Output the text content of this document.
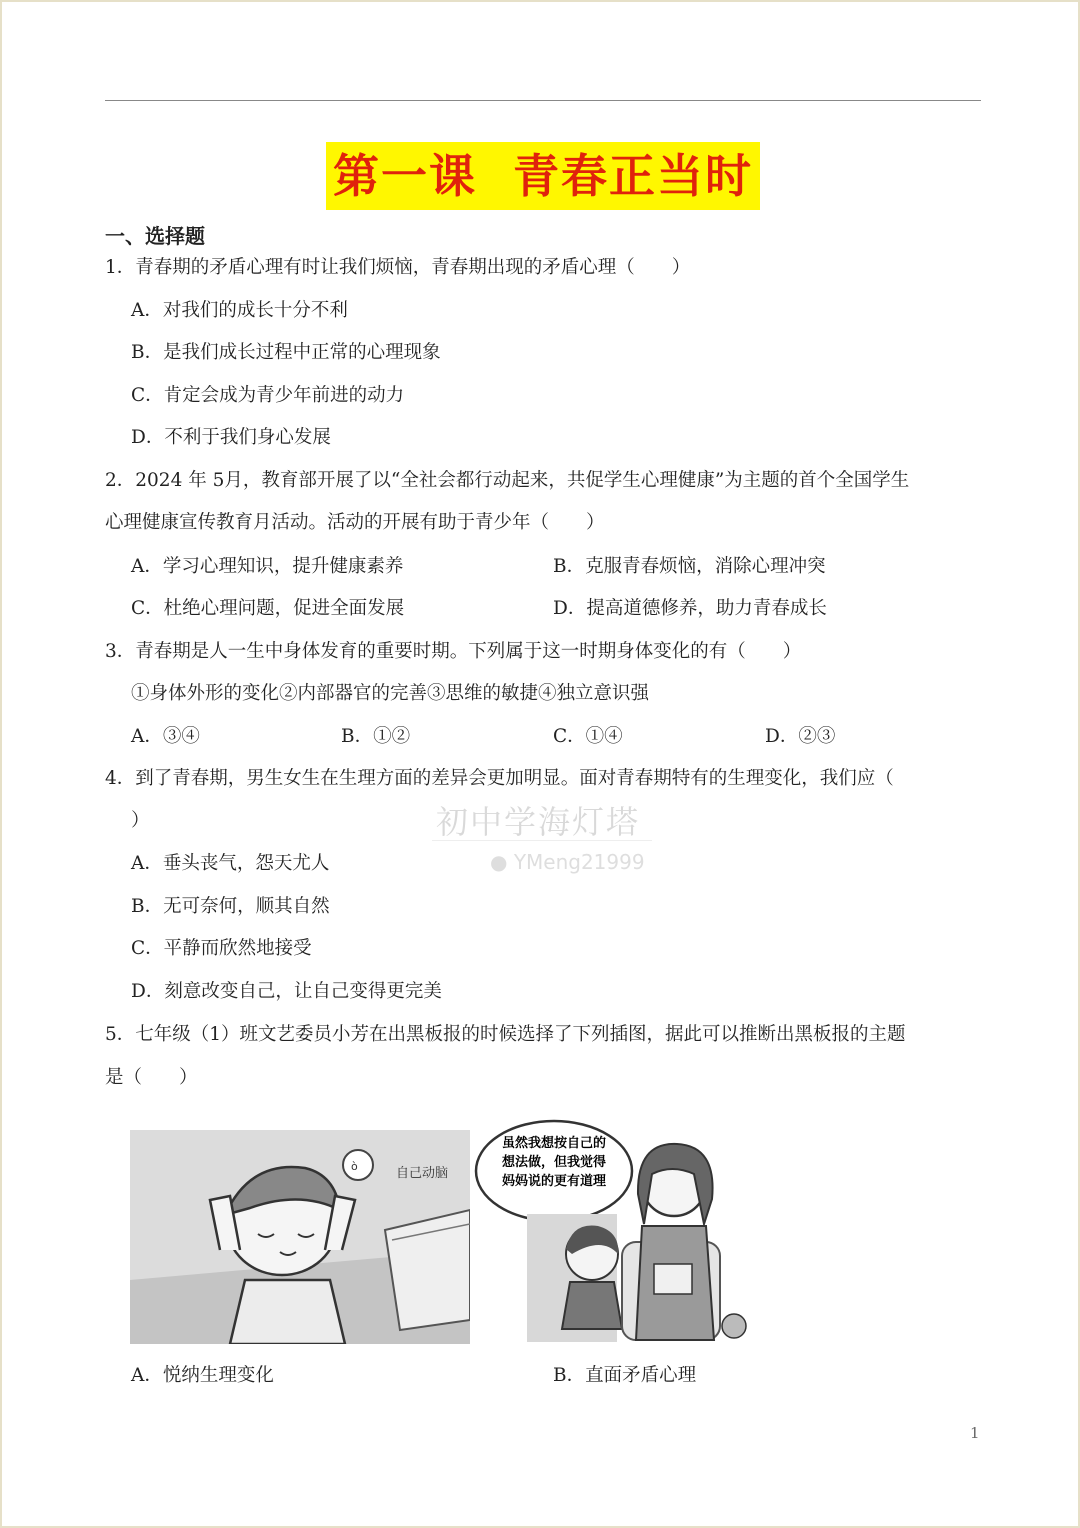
第一课  青春正当时
一、选择题
1．青春期的矛盾心理有时让我们烦恼，青春期出现的矛盾心理（　　）
A．对我们的成长十分不利
B．是我们成长过程中正常的心理现象
C．肯定会成为青少年前进的动力
D．不利于我们身心发展
2．2024 年 5月，教育部开展了以“全社会都行动起来，共促学生心理健康”为主题的首个全国学生
心理健康宣传教育月活动。活动的开展有助于青少年（　　）
A．学习心理知识，提升健康素养	B．克服青春烦恼，消除心理冲突
C．杜绝心理问题，促进全面发展	D．提高道德修养，助力青春成长
3．青春期是人一生中身体发育的重要时期。下列属于这一时期身体变化的有（　　）
①身体外形的变化②内部器官的完善③思维的敏捷④独立意识强
A．③④	B．①②	C．①④	D．②③
4．到了青春期，男生女生在生理方面的差异会更加明显。面对青春期特有的生理变化，我们应（
）
A．垂头丧气，怨天尤人
B．无可奈何，顺其自然
C．平静而欣然地接受
D．刻意改变自己，让自己变得更完美
初中学海灯塔
● YMeng21999
5．七年级（1）班文艺委员小芳在出黑板报的时候选择了下列插图，据此可以推断出黑板报的主题
是（　　）
ò	自己动脑
虽然我想按自己的
想法做，但我觉得
妈妈说的更有道理
A．悦纳生理变化	B．直面矛盾心理
1
